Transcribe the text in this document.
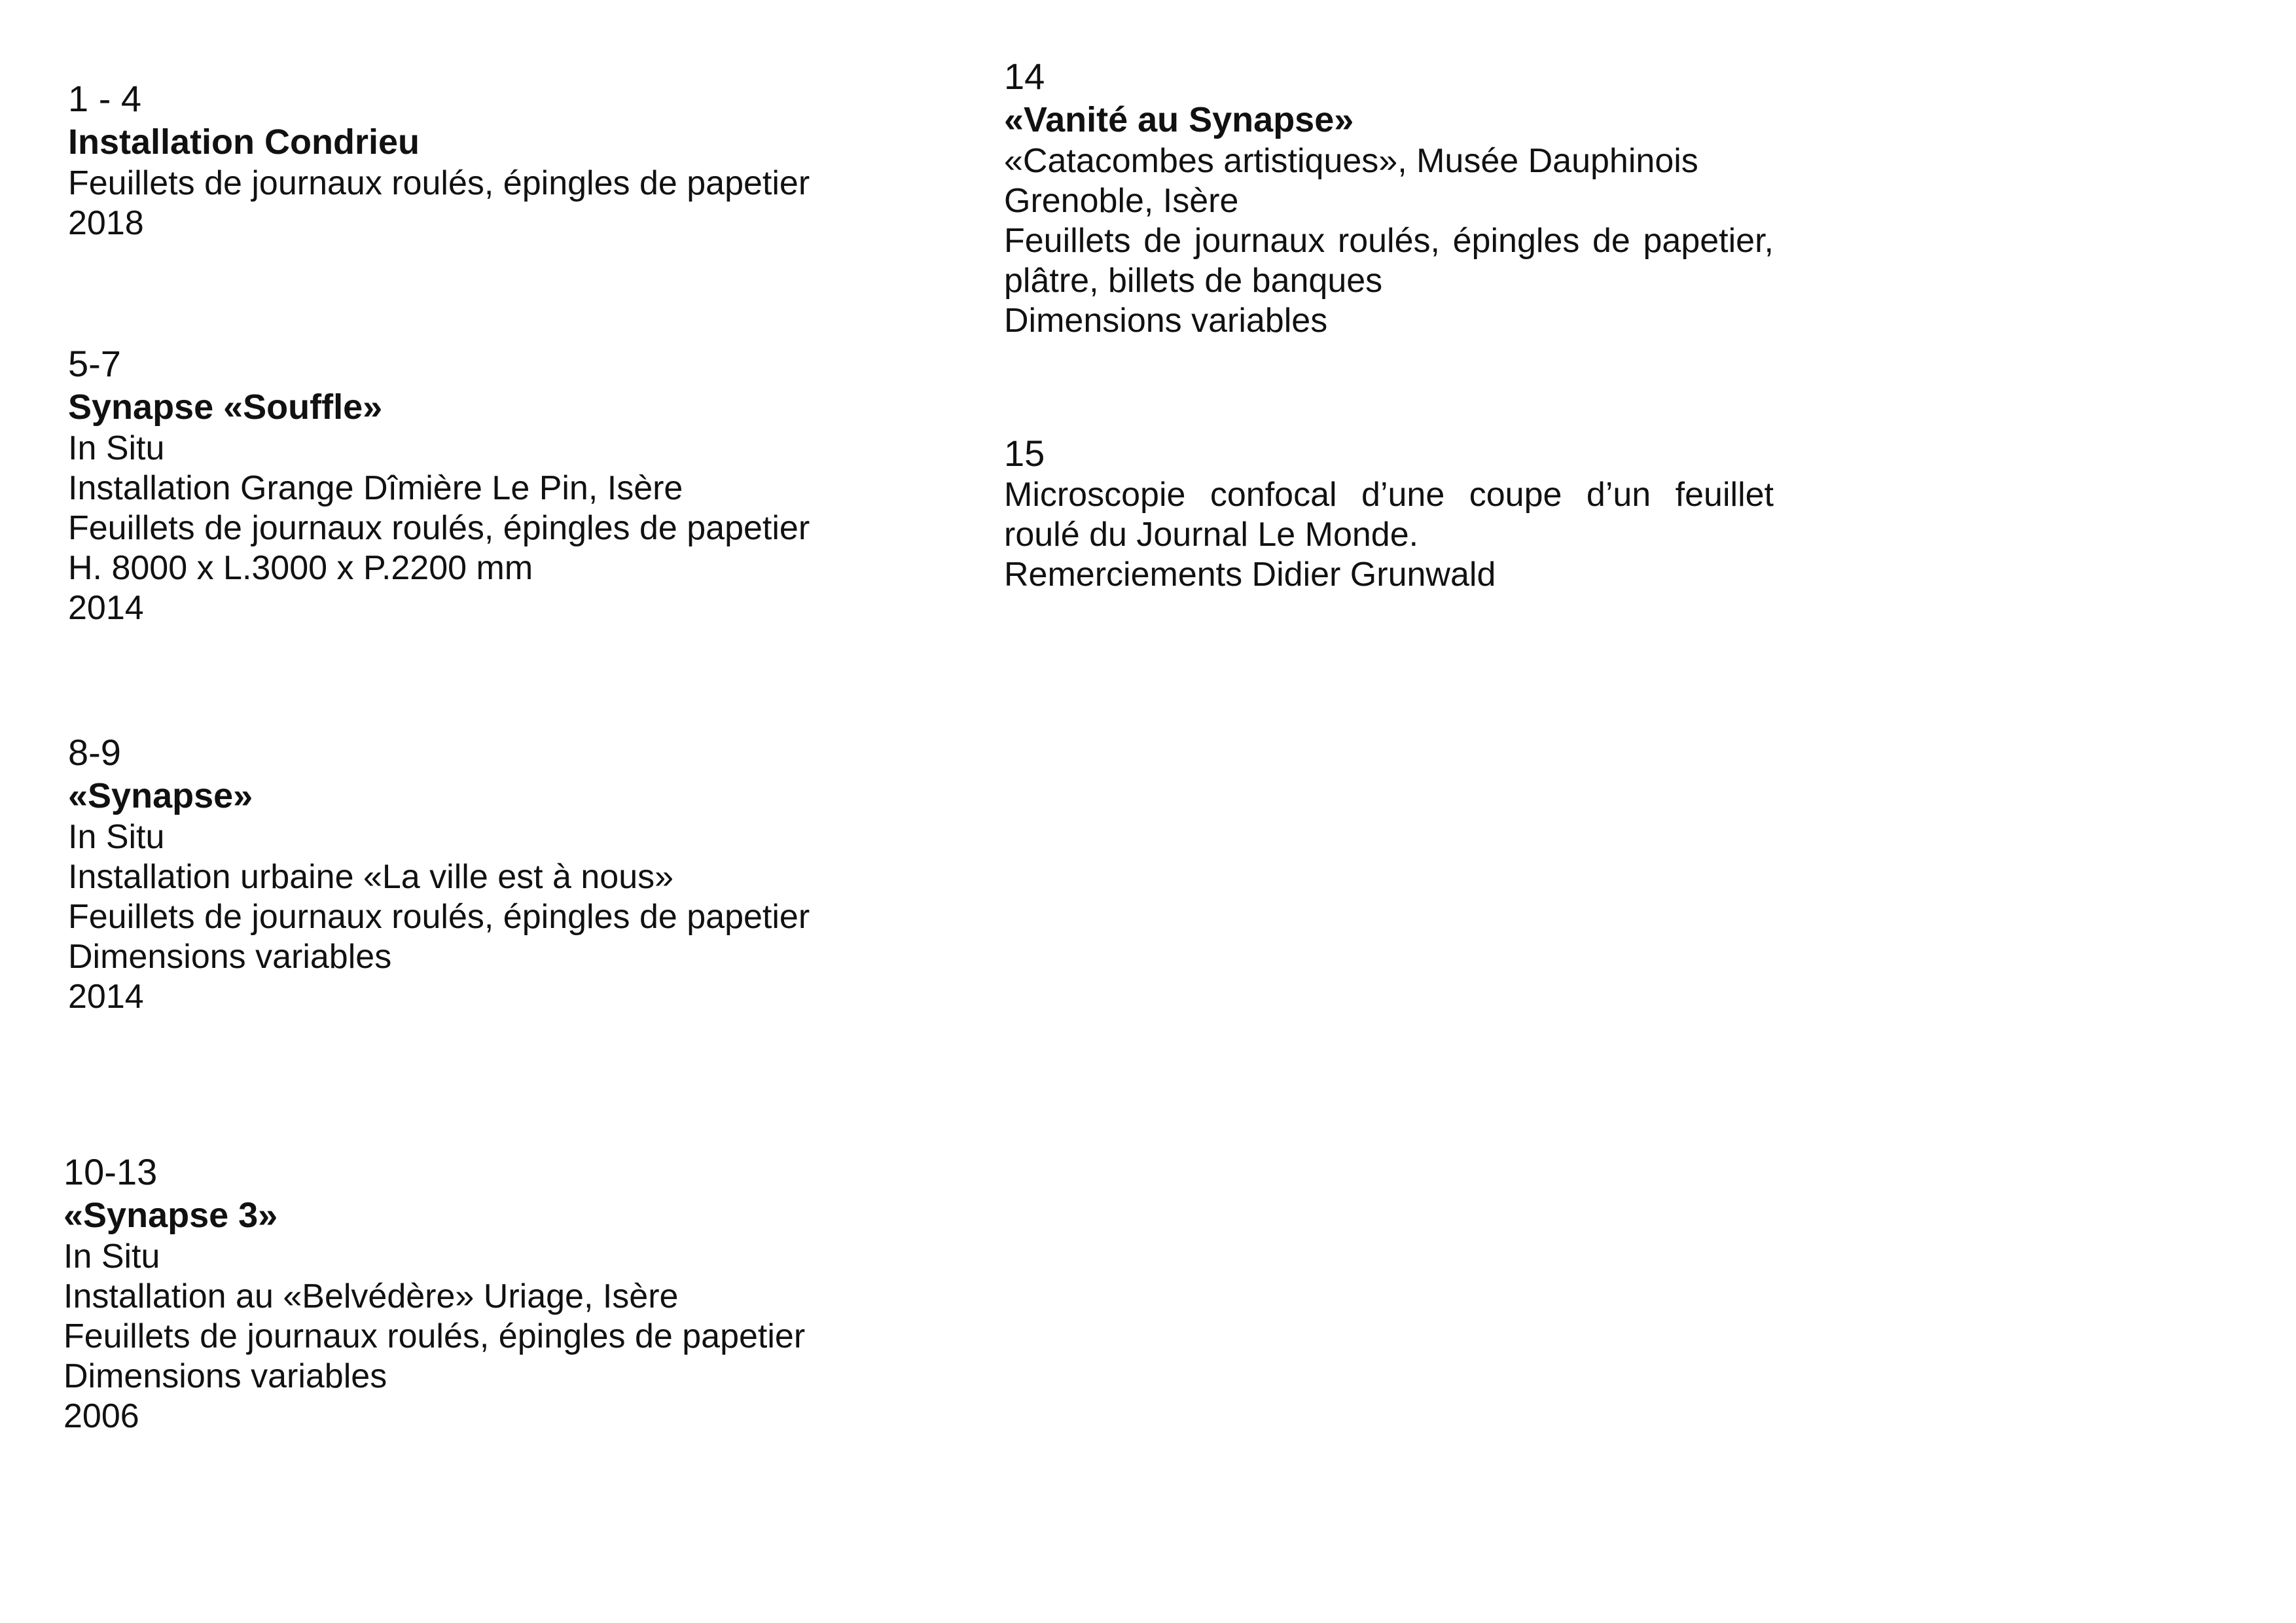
1 - 4
Installation Condrieu
Feuillets de journaux roulés, épingles de papetier
2018
5-7
Synapse «Souffle»
In Situ
Installation Grange Dîmière Le Pin, Isère
Feuillets de journaux roulés, épingles de papetier
H. 8000 x L.3000 x P.2200 mm
2014
8-9
«Synapse»
In Situ
Installation urbaine «La ville est à nous»
Feuillets de journaux roulés, épingles de papetier
Dimensions variables
2014
10-13
«Synapse 3»
In Situ
Installation au «Belvédère» Uriage, Isère
Feuillets de journaux roulés, épingles de papetier
Dimensions variables
2006
14
«Vanité au Synapse»
«Catacombes artistiques», Musée Dauphinois
Grenoble, Isère
Feuillets de journaux roulés, épingles de papetier, plâtre, billets de banques
Dimensions variables
15
Microscopie confocal d’une coupe d’un feuillet roulé du Journal Le Monde.
Remerciements Didier Grunwald
